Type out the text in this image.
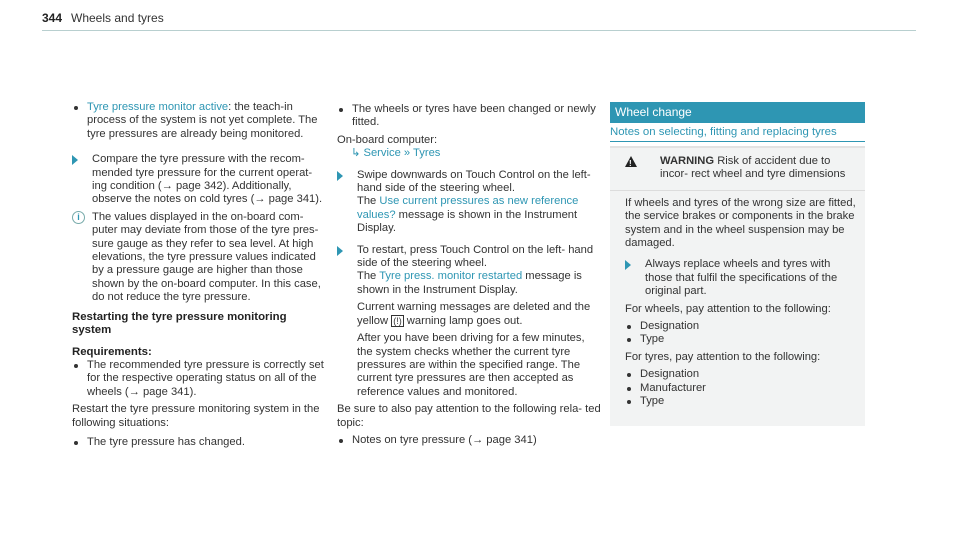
344 Wheels and tyres

Tyre pressure monitor active: the teach-in process of the system is not yet complete. The tyre pressures are already being monitored.

Compare the tyre pressure with the recom- mended tyre pressure for the current operat- ing condition (→ page 342). Additionally, observe the notes on cold tyres (→ page 341).

i	The values displayed in the on-board com- puter may deviate from those of the tyre pres- sure gauge as they refer to sea level. At high elevations, the tyre pressure values indicated by a pressure gauge are higher than those shown by the on-board computer. In this case, do not reduce the tyre pressure.

Restarting the tyre pressure monitoring system

Requirements:

The recommended tyre pressure is correctly set for the respective operating status on all of the wheels (→ page 341).

Restart the tyre pressure monitoring system in the following situations:

The tyre pressure has changed.

The wheels or tyres have been changed or newly fitted.

On-board computer:

↳ Service » Tyres

Swipe downwards on Touch Control on the left-hand side of the steering wheel.
The Use current pressures as new reference values? message is shown in the Instrument Display.

To restart, press Touch Control on the left- hand side of the steering wheel.
The Tyre press. monitor restarted message is shown in the Instrument Display.

Current warning messages are deleted and the yellow (!) warning lamp goes out.

After you have been driving for a few minutes, the system checks whether the current tyre pressures are within the specified range. The current tyre pressures are then accepted as reference values and monitored.

Be sure to also pay attention to the following rela- ted topic:

Notes on tyre pressure (→ page 341)

Wheel change
Notes on selecting, fitting and replacing tyres
!

WARNING Risk of accident due to incor- rect wheel and tyre dimensions

If wheels and tyres of the wrong size are fitted, the service brakes or components in the brake system and in the wheel suspension may be damaged.

Always replace wheels and tyres with those that fulfil the specifications of the original part.

For wheels, pay attention to the following:

Designation

Type

For tyres, pay attention to the following:

Designation

Manufacturer

Type
